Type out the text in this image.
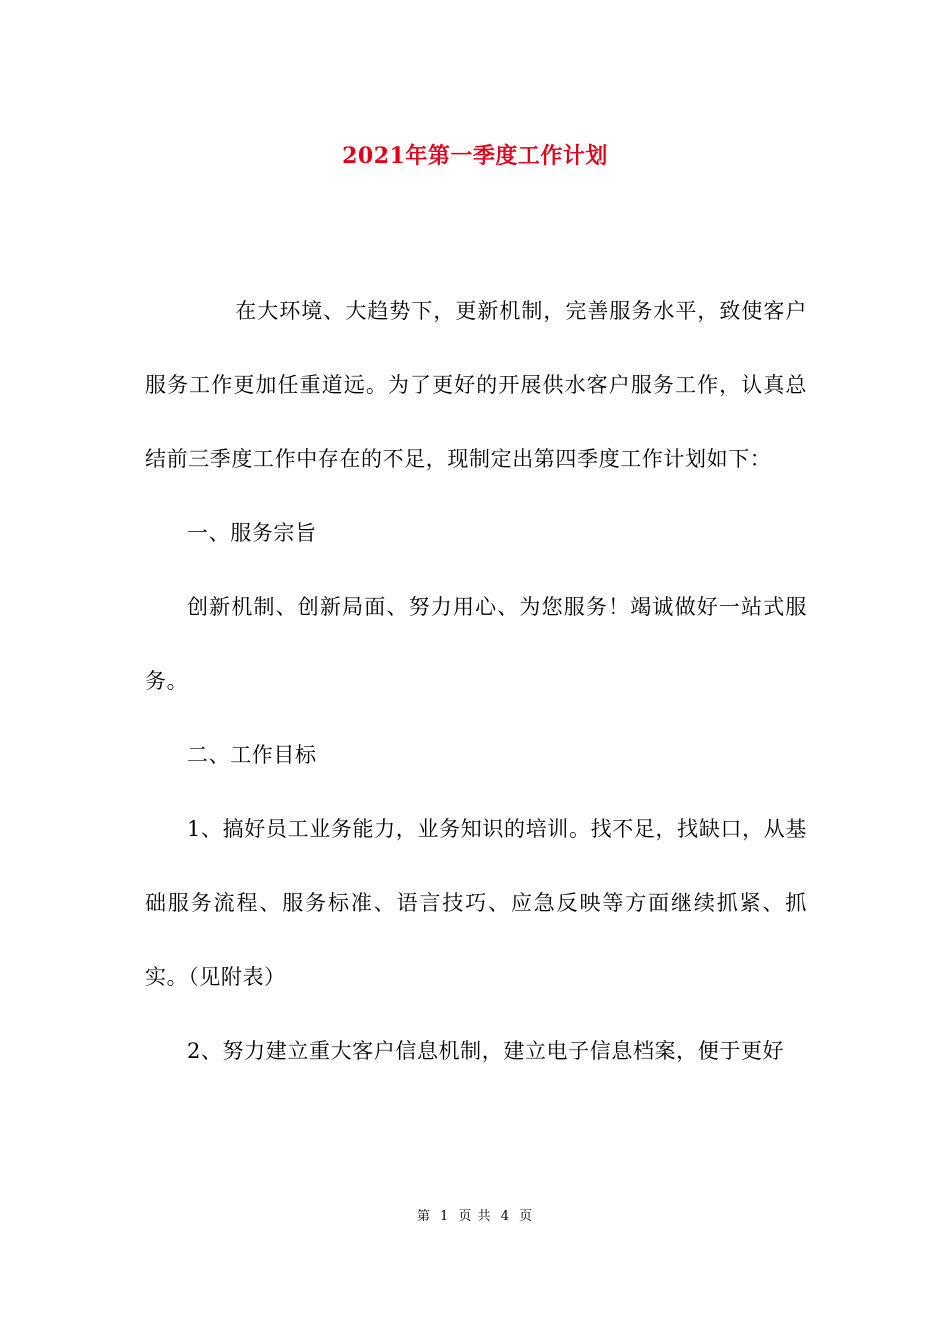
2021年第一季度工作计划

在大环境、大趋势下，更新机制，完善服务水平，致使客户服务工作更加任重道远。为了更好的开展供水客户服务工作，认真总结前三季度工作中存在的不足，现制定出第四季度工作计划如下：

一、服务宗旨

创新机制、创新局面、努力用心、为您服务！竭诚做好一站式服务。

二、工作目标

1、搞好员工业务能力，业务知识的培训。找不足，找缺口，从基础服务流程、服务标准、语言技巧、应急反映等方面继续抓紧、抓实。（见附表）

2、努力建立重大客户信息机制，建立电子信息档案，便于更好

第 1 页 共 4 页
